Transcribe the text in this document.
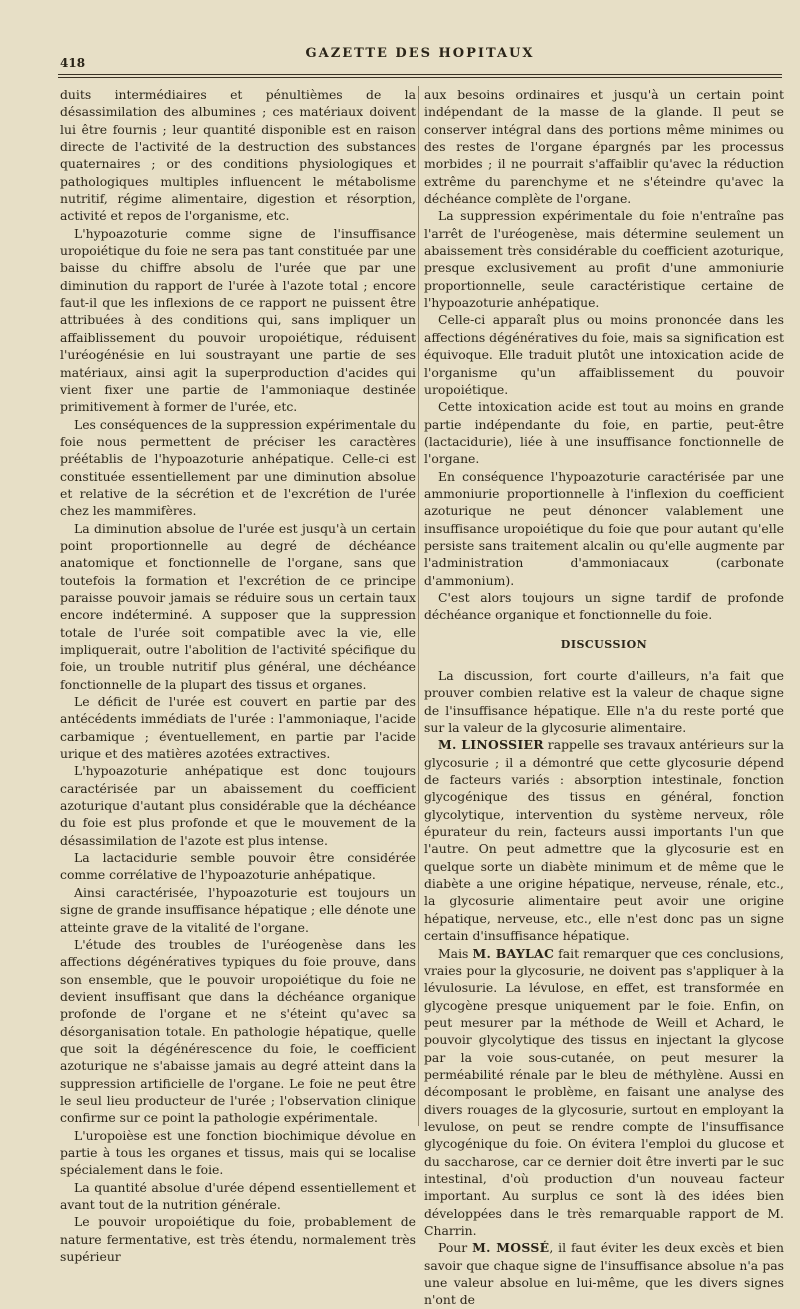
418
GAZETTE DES HOPITAUX

duits intermédiaires et pénultièmes de la désassimilation des albumines ; ces matériaux doivent lui être fournis ; leur quantité disponible est en raison directe de l'activité de la destruction des substances quaternaires ; or des conditions physiologiques et pathologiques multiples influencent le métabolisme nutritif, régime alimentaire, digestion et résorption, activité et repos de l'organisme, etc.

L'hypoazoturie comme signe de l'insuffisance uropoiétique du foie ne sera pas tant constituée par une baisse du chiffre absolu de l'urée que par une diminution du rapport de l'urée à l'azote total ; encore faut-il que les inflexions de ce rapport ne puissent être attribuées à des conditions qui, sans impliquer un affaiblissement du pouvoir uropoiétique, réduisent l'uréogénésie en lui soustrayant une partie de ses matériaux, ainsi agit la superproduction d'acides qui vient fixer une partie de l'ammoniaque destinée primitivement à former de l'urée, etc.

Les conséquences de la suppression expérimentale du foie nous permettent de préciser les caractères préétablis de l'hypoazoturie anhépatique. Celle-ci est constituée essentiellement par une diminution absolue et relative de la sécrétion et de l'excrétion de l'urée chez les mammifères.

La diminution absolue de l'urée est jusqu'à un certain point proportionnelle au degré de déchéance anatomique et fonctionnelle de l'organe, sans que toutefois la formation et l'excrétion de ce principe paraisse pouvoir jamais se réduire sous un certain taux encore indéterminé. A supposer que la suppression totale de l'urée soit compatible avec la vie, elle impliquerait, outre l'abolition de l'activité spécifique du foie, un trouble nutritif plus général, une déchéance fonctionnelle de la plupart des tissus et organes.

Le déficit de l'urée est couvert en partie par des antécédents immédiats de l'urée : l'ammoniaque, l'acide carbamique ; éventuellement, en partie par l'acide urique et des matières azotées extractives.

L'hypoazoturie anhépatique est donc toujours caractérisée par un abaissement du coefficient azoturique d'autant plus considérable que la déchéance du foie est plus profonde et que le mouvement de la désassimilation de l'azote est plus intense.

La lactacidurie semble pouvoir être considérée comme corrélative de l'hypoazoturie anhépatique.

Ainsi caractérisée, l'hypoazoturie est toujours un signe de grande insuffisance hépatique ; elle dénote une atteinte grave de la vitalité de l'organe.

L'étude des troubles de l'uréogenèse dans les affections dégénératives typiques du foie prouve, dans son ensemble, que le pouvoir uropoiétique du foie ne devient insuffisant que dans la déchéance organique profonde de l'organe et ne s'éteint qu'avec sa désorganisation totale. En pathologie hépatique, quelle que soit la dégénérescence du foie, le coefficient azoturique ne s'abaisse jamais au degré atteint dans la suppression artificielle de l'organe. Le foie ne peut être le seul lieu producteur de l'urée ; l'observation clinique confirme sur ce point la pathologie expérimentale.

L'uropoièse est une fonction biochimique dévolue en partie à tous les organes et tissus, mais qui se localise spécialement dans le foie.

La quantité absolue d'urée dépend essentiellement et avant tout de la nutrition générale.

Le pouvoir uropoiétique du foie, probablement de nature fermentative, est très étendu, normalement très supérieur

aux besoins ordinaires et jusqu'à un certain point indépendant de la masse de la glande. Il peut se conserver intégral dans des portions même minimes ou des restes de l'organe épargnés par les processus morbides ; il ne pourrait s'affaiblir qu'avec la réduction extrême du parenchyme et ne s'éteindre qu'avec la déchéance complète de l'organe.

La suppression expérimentale du foie n'entraîne pas l'arrêt de l'uréogenèse, mais détermine seulement un abaissement très considérable du coefficient azoturique, presque exclusivement au profit d'une ammoniurie proportionnelle, seule caractéristique certaine de l'hypoazoturie anhépatique.

Celle-ci apparaît plus ou moins prononcée dans les affections dégénératives du foie, mais sa signification est équivoque. Elle traduit plutôt une intoxication acide de l'organisme qu'un affaiblissement du pouvoir uropoiétique.

Cette intoxication acide est tout au moins en grande partie indépendante du foie, en partie, peut-être (lactacidurie), liée à une insuffisance fonctionnelle de l'organe.

En conséquence l'hypoazoturie caractérisée par une ammoniurie proportionnelle à l'inflexion du coefficient azoturique ne peut dénoncer valablement une insuffisance uropoiétique du foie que pour autant qu'elle persiste sans traitement alcalin ou qu'elle augmente par l'administration d'ammoniacaux (carbonate d'ammonium).

C'est alors toujours un signe tardif de profonde déchéance organique et fonctionnelle du foie.

DISCUSSION

La discussion, fort courte d'ailleurs, n'a fait que prouver combien relative est la valeur de chaque signe de l'insuffisance hépatique. Elle n'a du reste porté que sur la valeur de la glycosurie alimentaire.

M. LINOSSIER rappelle ses travaux antérieurs sur la glycosurie ; il a démontré que cette glycosurie dépend de facteurs variés : absorption intestinale, fonction glycogénique des tissus en général, fonction glycolytique, intervention du système nerveux, rôle épurateur du rein, facteurs aussi importants l'un que l'autre. On peut admettre que la glycosurie est en quelque sorte un diabète minimum et de même que le diabète a une origine hépatique, nerveuse, rénale, etc., la glycosurie alimentaire peut avoir une origine hépatique, nerveuse, etc., elle n'est donc pas un signe certain d'insuffisance hépatique.

Mais M. BAYLAC fait remarquer que ces conclusions, vraies pour la glycosurie, ne doivent pas s'appliquer à la lévulosurie. La lévulose, en effet, est transformée en glycogène presque uniquement par le foie. Enfin, on peut mesurer par la méthode de Weill et Achard, le pouvoir glycolytique des tissus en injectant la glycose par la voie sous-cutanée, on peut mesurer la perméabilité rénale par le bleu de méthylène. Aussi en décomposant le problème, en faisant une analyse des divers rouages de la glycosurie, surtout en employant la levulose, on peut se rendre compte de l'insuffisance glycogénique du foie. On évitera l'emploi du glucose et du saccharose, car ce dernier doit être inverti par le suc intestinal, d'où production d'un nouveau facteur important. Au surplus ce sont là des idées bien développées dans le très remarquable rapport de M. Charrin.

Pour M. MOSSÉ, il faut éviter les deux excès et bien savoir que chaque signe de l'insuffisance absolue n'a pas une valeur absolue en lui-même, que les divers signes n'ont de
